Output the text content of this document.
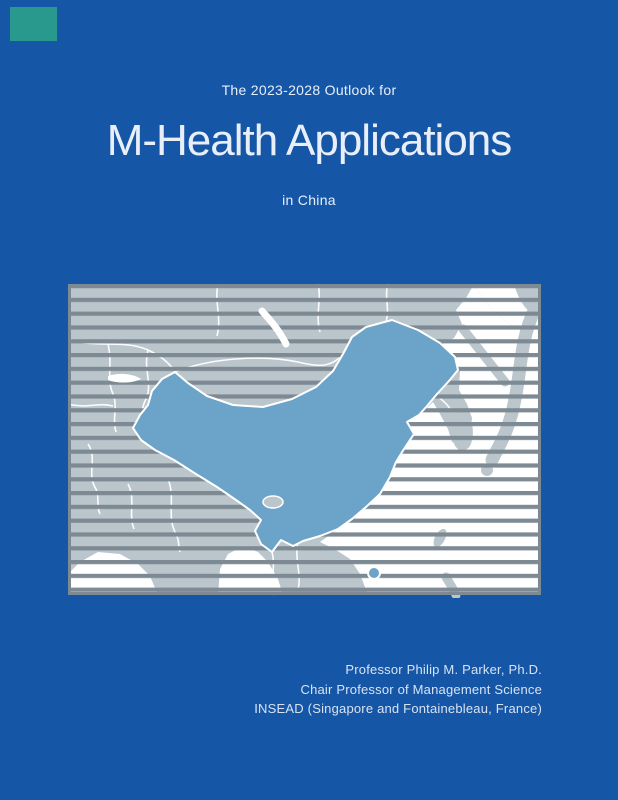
The 2023-2028 Outlook for
M-Health Applications
in China
Professor Philip M. Parker, Ph.D.
Chair Professor of Management Science
INSEAD (Singapore and Fontainebleau, France)
